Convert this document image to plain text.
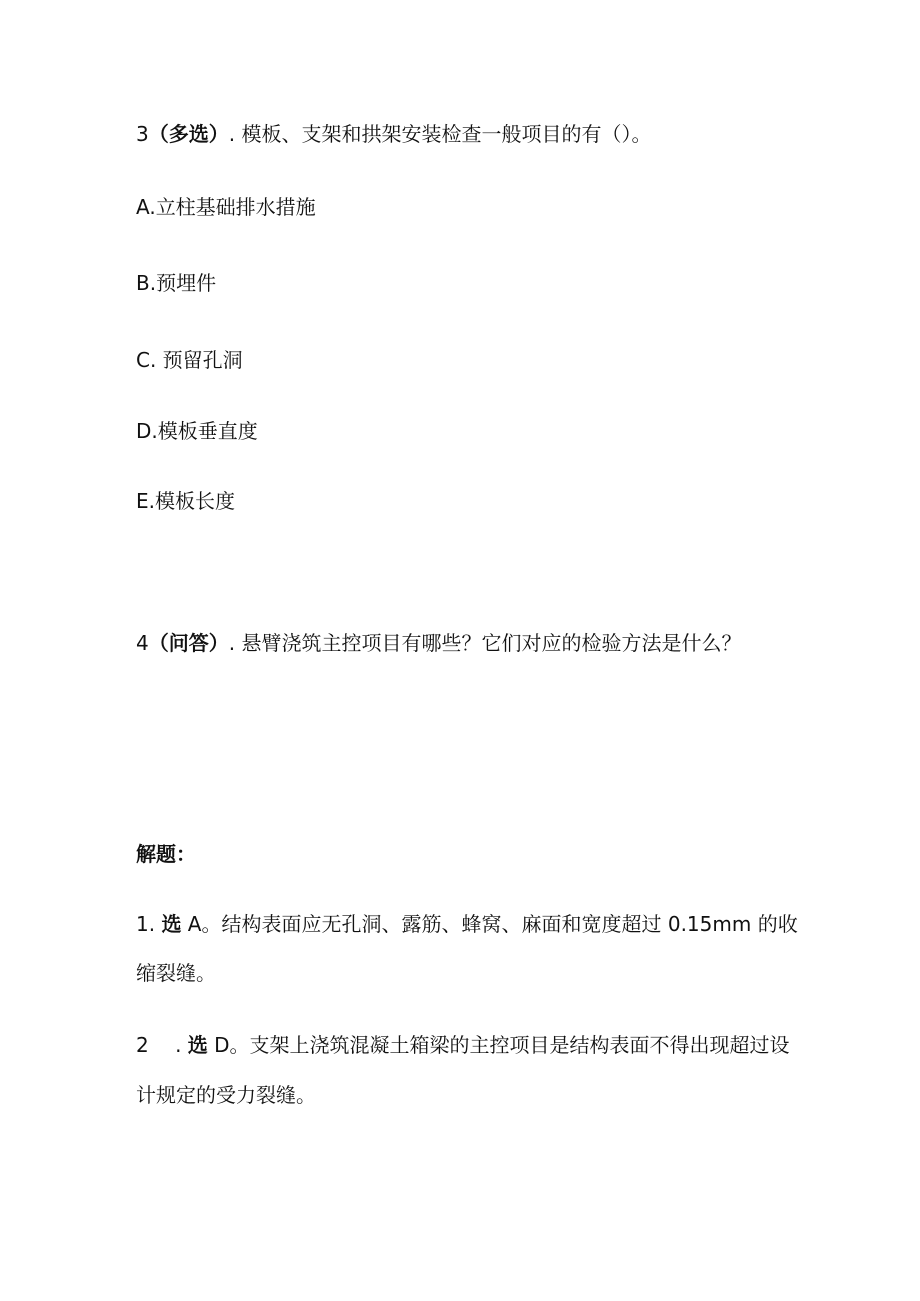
3（多选）. 模板、支架和拱架安装检查一般项目的有（）。
A.立柱基础排水措施
B.预埋件
C. 预留孔洞
D.模板垂直度
E.模板长度
4（问答）. 悬臂浇筑主控项目有哪些？它们对应的检验方法是什么？
解题：
1. 选 A。结构表面应无孔洞、露筋、蜂窝、麻面和宽度超过 0.15mm 的收
缩裂缝。
2 　. 选 D。支架上浇筑混凝土箱梁的主控项目是结构表面不得出现超过设
计规定的受力裂缝。
